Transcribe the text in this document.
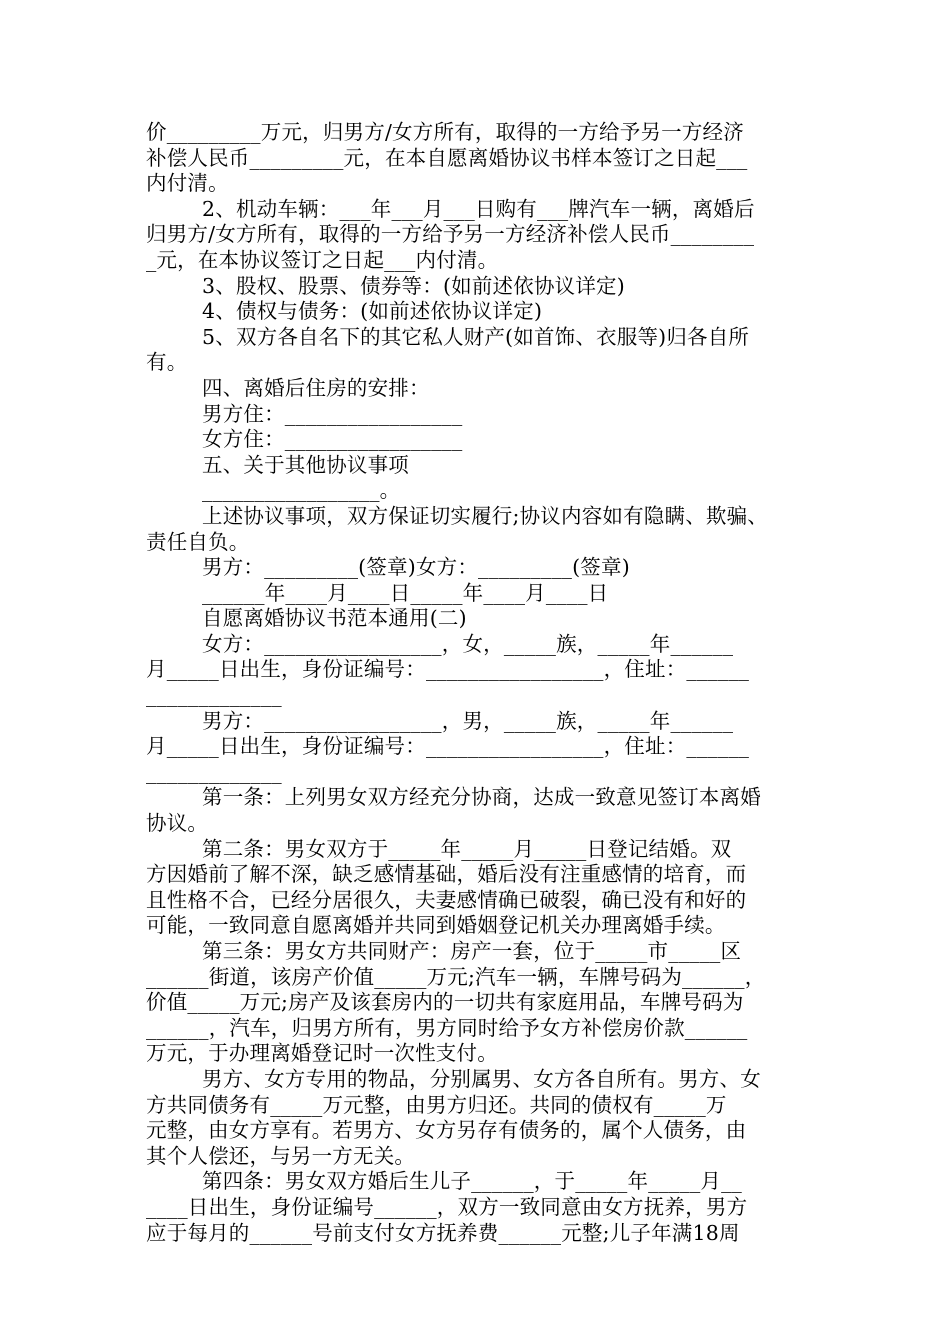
价_________万元，归男方/女方所有，取得的一方给予另一方经济
补偿人民币_________元，在本自愿离婚协议书样本签订之日起___
内付清。
2、机动车辆：___年___月___日购有___牌汽车一辆，离婚后
归男方/女方所有，取得的一方给予另一方经济补偿人民币________
_元，在本协议签订之日起___内付清。
3、股权、股票、债券等：(如前述依协议详定)
4、债权与债务：(如前述依协议详定)
5、双方各自名下的其它私人财产(如首饰、衣服等)归各自所
有。
四、离婚后住房的安排：
男方住：_________________
女方住：_________________
五、关于其他协议事项
_________________。
上述协议事项，双方保证切实履行;协议内容如有隐瞒、欺骗、
责任自负。
男方：_________(签章)女方：_________(签章)
______年____月____日_____年____月____日
自愿离婚协议书范本通用(二)
女方：_________________，女，_____族，_____年______
月_____日出生，身份证编号：_________________，住址：______
_____________
男方：_________________，男，_____族，_____年______
月_____日出生，身份证编号：_________________，住址：______
_____________
第一条：上列男女双方经充分协商，达成一致意见签订本离婚
协议。
第二条：男女双方于_____年_____月_____日登记结婚。双
方因婚前了解不深，缺乏感情基础，婚后没有注重感情的培育，而
且性格不合，已经分居很久，夫妻感情确已破裂，确已没有和好的
可能，一致同意自愿离婚并共同到婚姻登记机关办理离婚手续。
第三条：男女方共同财产：房产一套，位于_____市_____区
______街道，该房产价值_____万元;汽车一辆，车牌号码为______，
价值_____万元;房产及该套房内的一切共有家庭用品，车牌号码为
______，汽车，归男方所有，男方同时给予女方补偿房价款______
万元，于办理离婚登记时一次性支付。
男方、女方专用的物品，分别属男、女方各自所有。男方、女
方共同债务有_____万元整，由男方归还。共同的债权有_____万
元整，由女方享有。若男方、女方另存有债务的，属个人债务，由
其个人偿还，与另一方无关。
第四条：男女双方婚后生儿子______，于_____年_____月__
____日出生，身份证编号______，双方一致同意由女方抚养，男方
应于每月的______号前支付女方抚养费______元整;儿子年满18周
